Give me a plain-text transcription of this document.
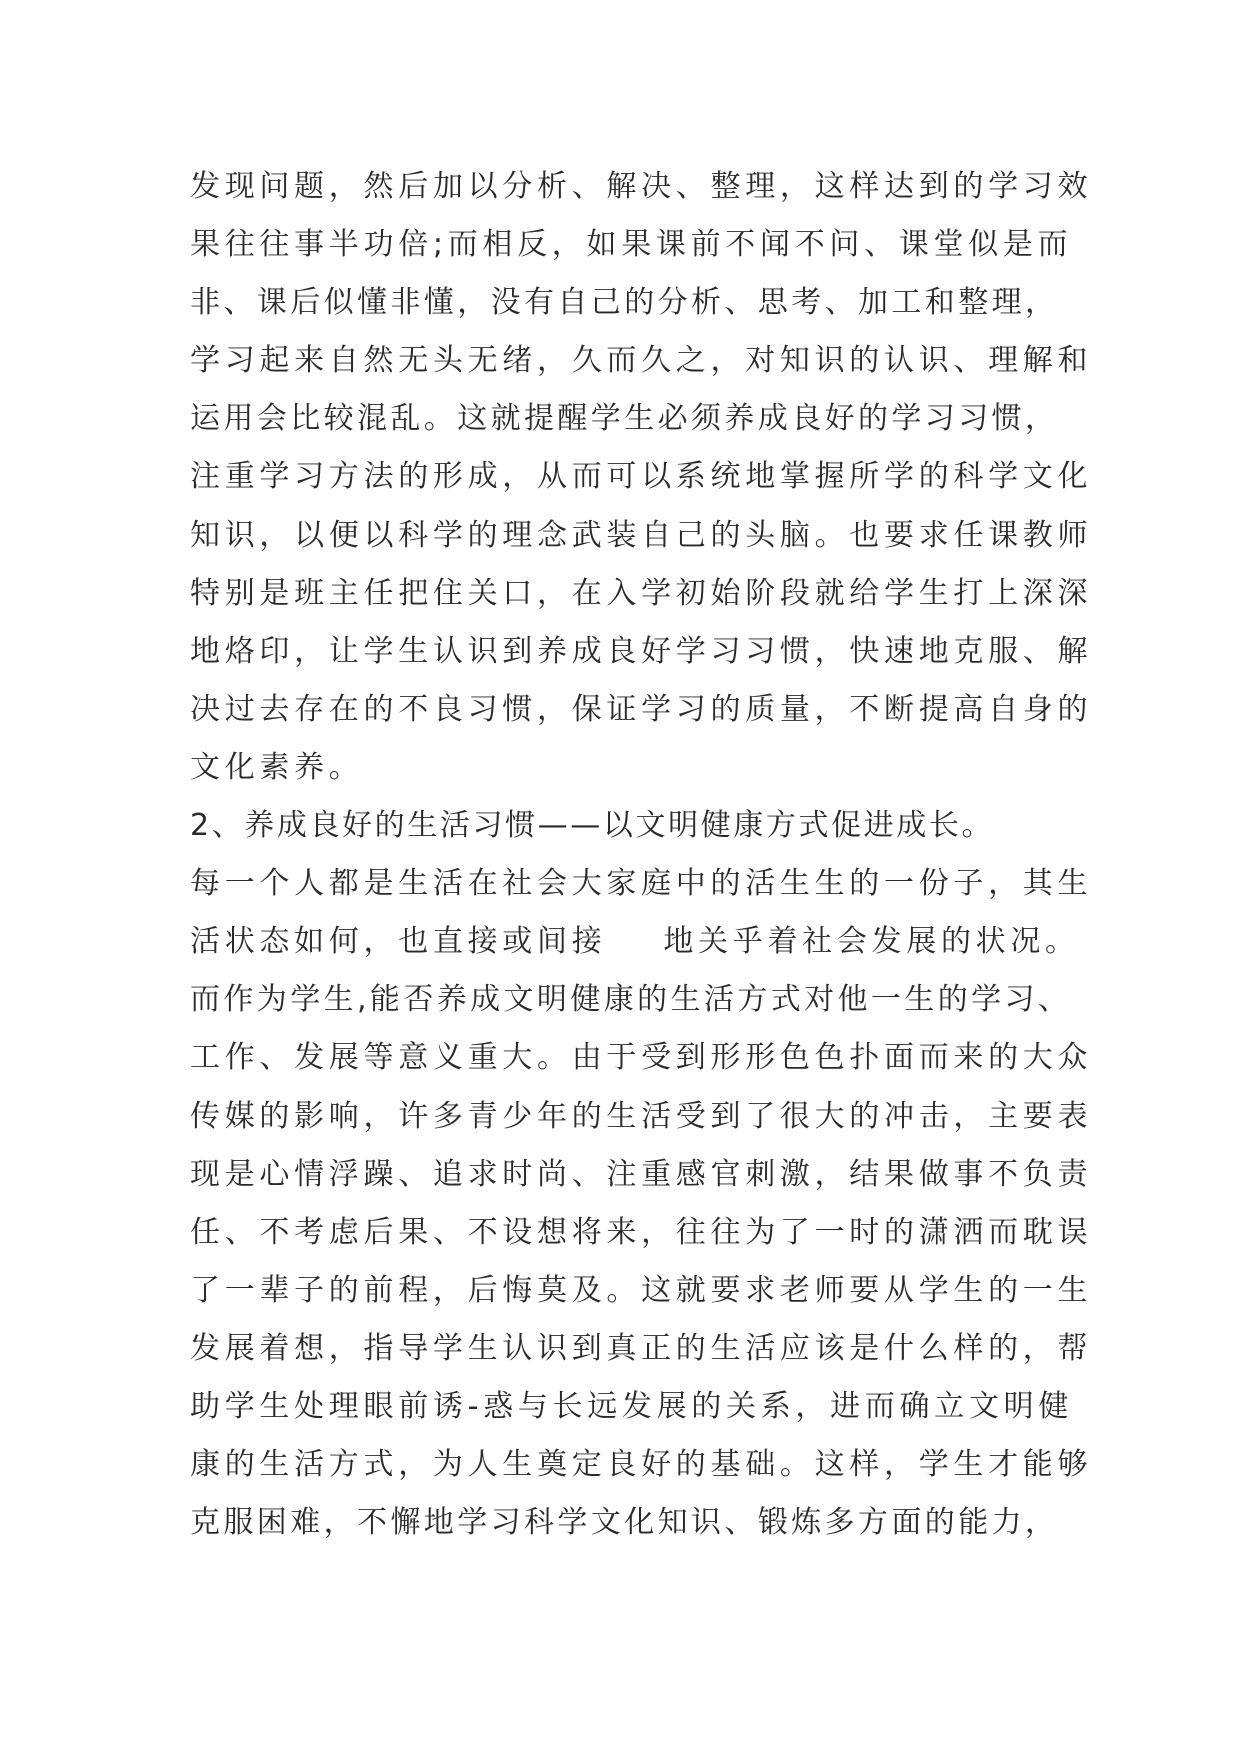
发现问题，然后加以分析、解决、整理，这样达到的学习效
果往往事半功倍;而相反，如果课前不闻不问、课堂似是而
非、课后似懂非懂，没有自己的分析、思考、加工和整理，
学习起来自然无头无绪，久而久之，对知识的认识、理解和
运用会比较混乱。这就提醒学生必须养成良好的学习习惯，
注重学习方法的形成，从而可以系统地掌握所学的科学文化
知识，以便以科学的理念武装自己的头脑。也要求任课教师
特别是班主任把住关口，在入学初始阶段就给学生打上深深
地烙印，让学生认识到养成良好学习习惯，快速地克服、解
决过去存在的不良习惯，保证学习的质量，不断提高自身的
文化素养。
2、养成良好的生活习惯——以文明健康方式促进成长。
每一个人都是生活在社会大家庭中的活生生的一份子，其生
活状态如何，也直接或间接    地关乎着社会发展的状况。
而作为学生,能否养成文明健康的生活方式对他一生的学习、
工作、发展等意义重大。由于受到形形色色扑面而来的大众
传媒的影响，许多青少年的生活受到了很大的冲击，主要表
现是心情浮躁、追求时尚、注重感官刺激，结果做事不负责
任、不考虑后果、不设想将来，往往为了一时的潇洒而耽误
了一辈子的前程，后悔莫及。这就要求老师要从学生的一生
发展着想，指导学生认识到真正的生活应该是什么样的，帮
助学生处理眼前诱-惑与长远发展的关系，进而确立文明健
康的生活方式，为人生奠定良好的基础。这样，学生才能够
克服困难，不懈地学习科学文化知识、锻炼多方面的能力，
